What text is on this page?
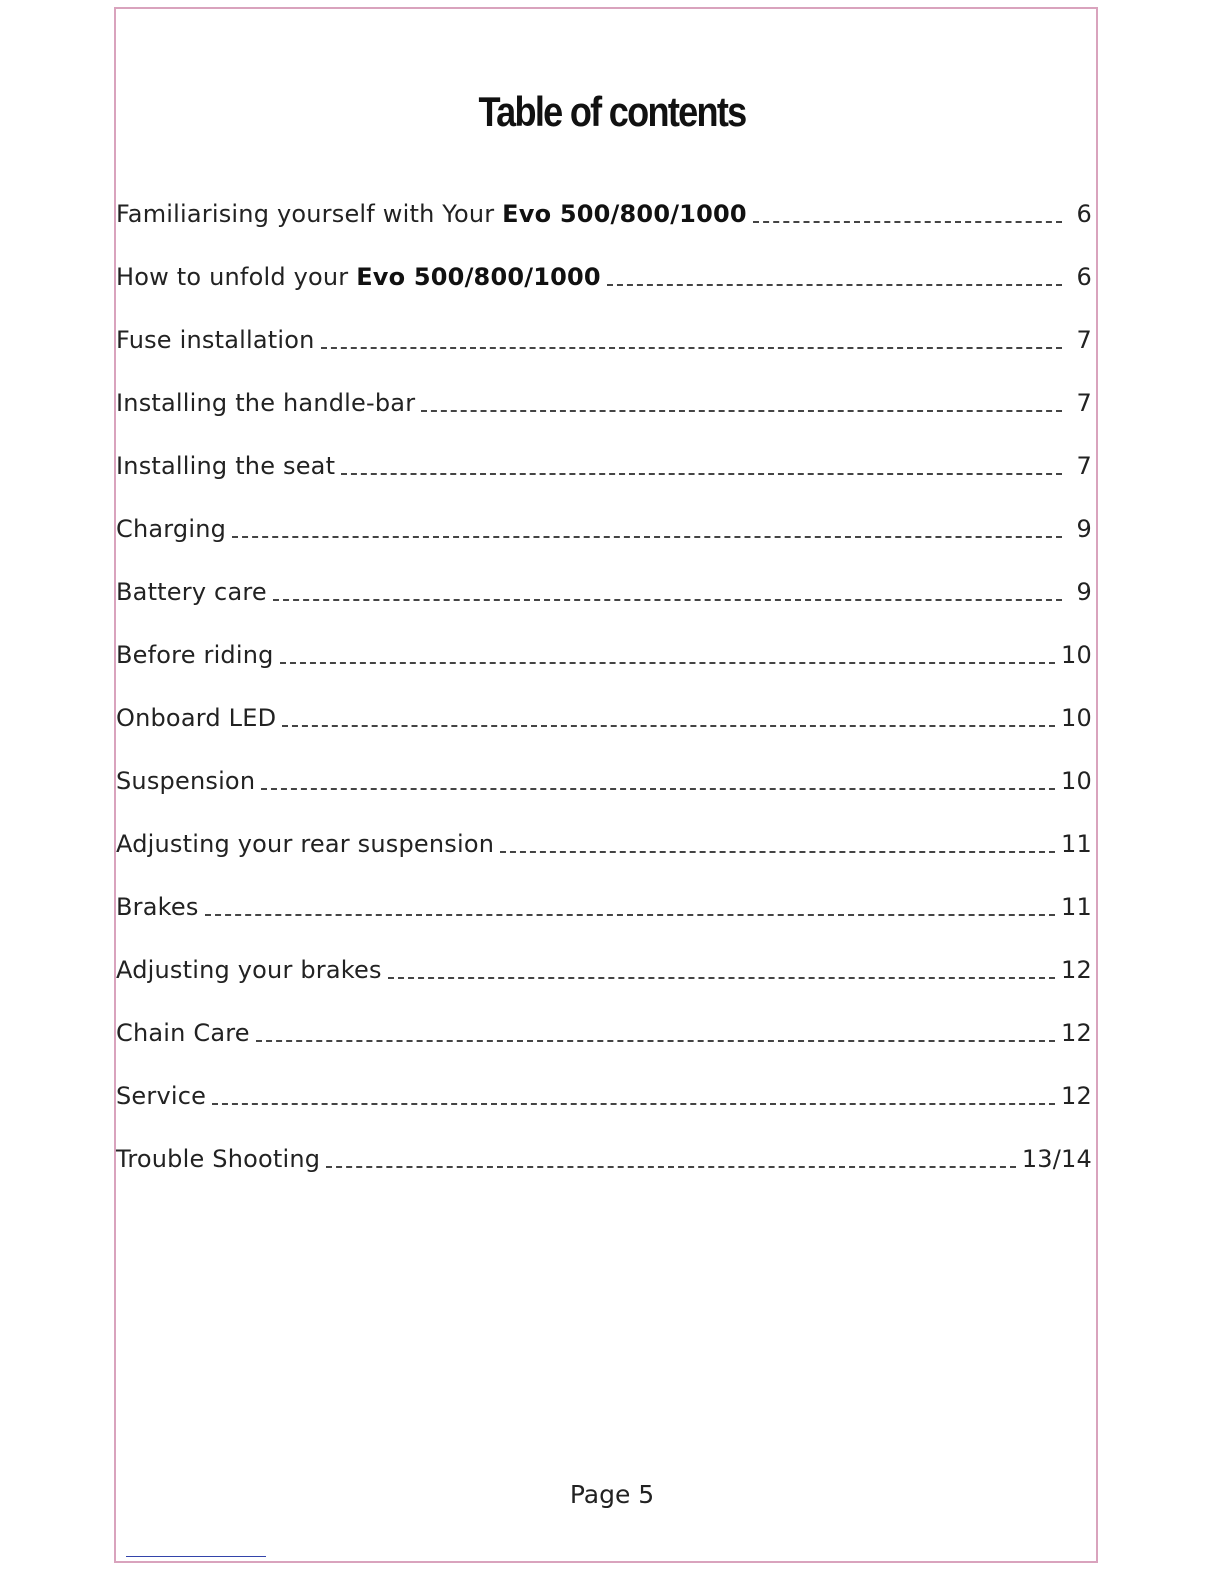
Table of contents
Familiarising yourself with Your Evo 500/800/1000	6
How to unfold your Evo 500/800/1000	6
Fuse installation	7
Installing the handle-bar	7
Installing the seat	7
Charging	9
Battery care	9
Before riding	10
Onboard LED	10
Suspension	10
Adjusting your rear suspension	11
Brakes	11
Adjusting your brakes	12
Chain Care	12
Service	12
Trouble Shooting	13/14
Page 5
